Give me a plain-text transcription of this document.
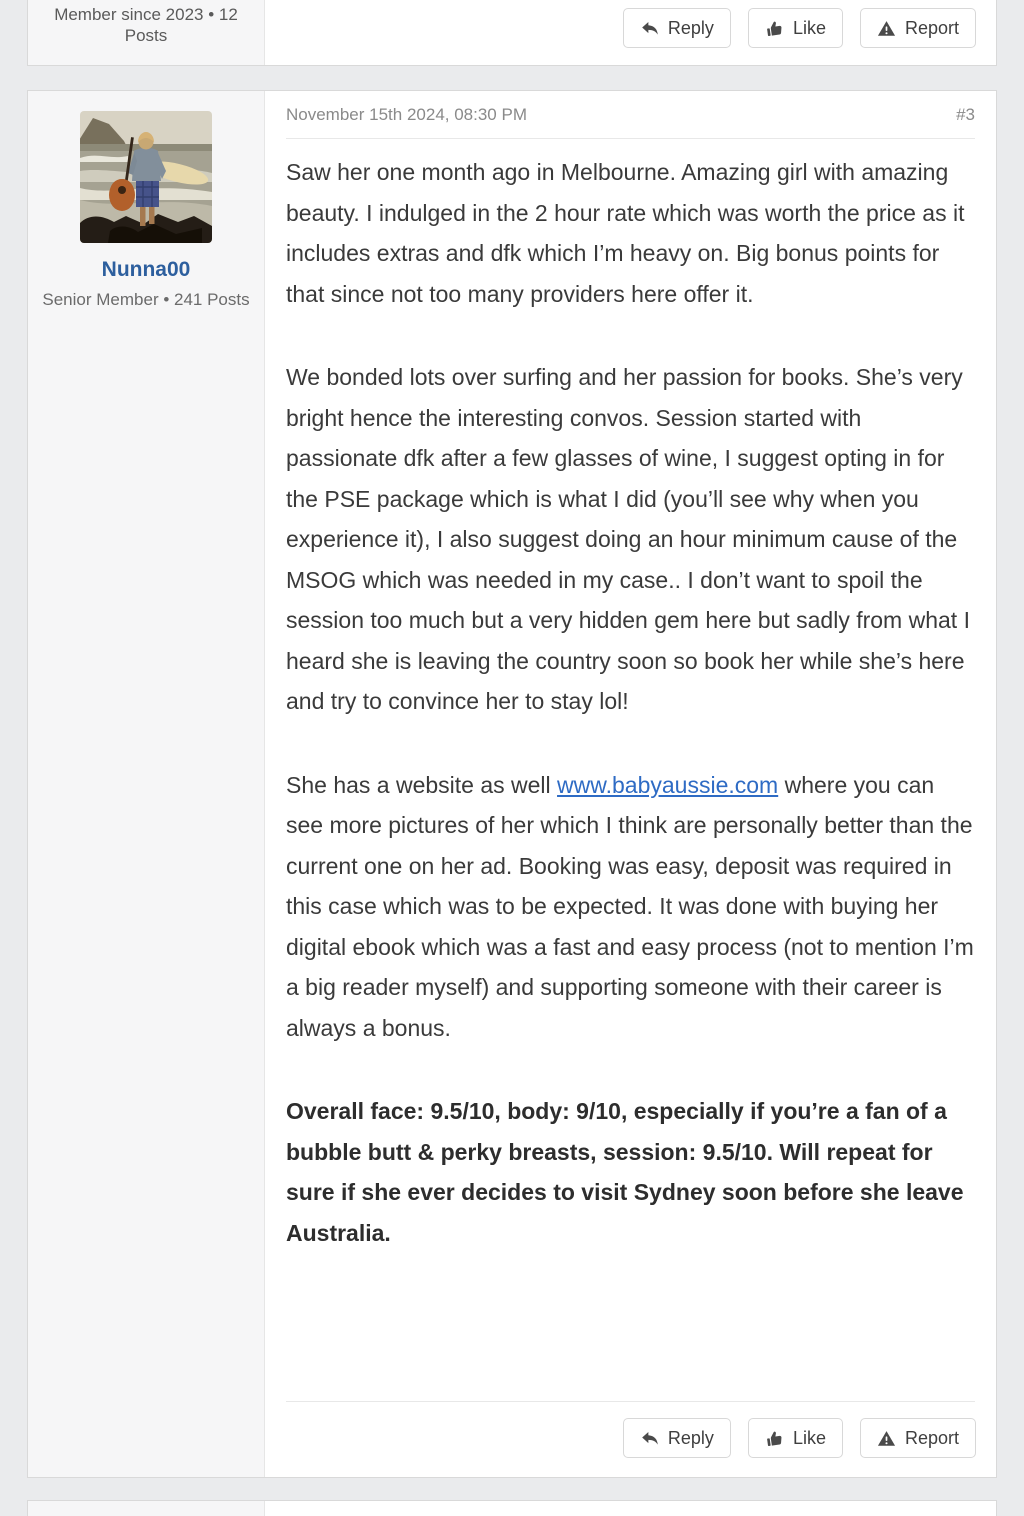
Member since 2023 • 12 Posts	Reply	Like	Report
Nunna00
Senior Member • 241 Posts
November 15th 2024, 08:30 PM	#3

Saw her one month ago in Melbourne. Amazing girl with amazing beauty. I indulged in the 2 hour rate which was worth the price as it includes extras and dfk which I’m heavy on. Big bonus points for that since not too many providers here offer it.

We bonded lots over surfing and her passion for books. She’s very bright hence the interesting convos. Session started with passionate dfk after a few glasses of wine, I suggest opting in for the PSE package which is what I did (you’ll see why when you experience it), I also suggest doing an hour minimum cause of the MSOG which was needed in my case.. I don’t want to spoil the session too much but a very hidden gem here but sadly from what I heard she is leaving the country soon so book her while she’s here and try to convince her to stay lol!

She has a website as well www.babyaussie.com where you can see more pictures of her which I think are personally better than the current one on her ad. Booking was easy, deposit was required in this case which was to be expected. It was done with buying her digital ebook which was a fast and easy process (not to mention I’m a big reader myself) and supporting someone with their career is always a bonus.

Overall face: 9.5/10, body: 9/10, especially if you’re a fan of a bubble butt & perky breasts, session: 9.5/10. Will repeat for sure if she ever decides to visit Sydney soon before she leave Australia.

Reply	Like	Report
